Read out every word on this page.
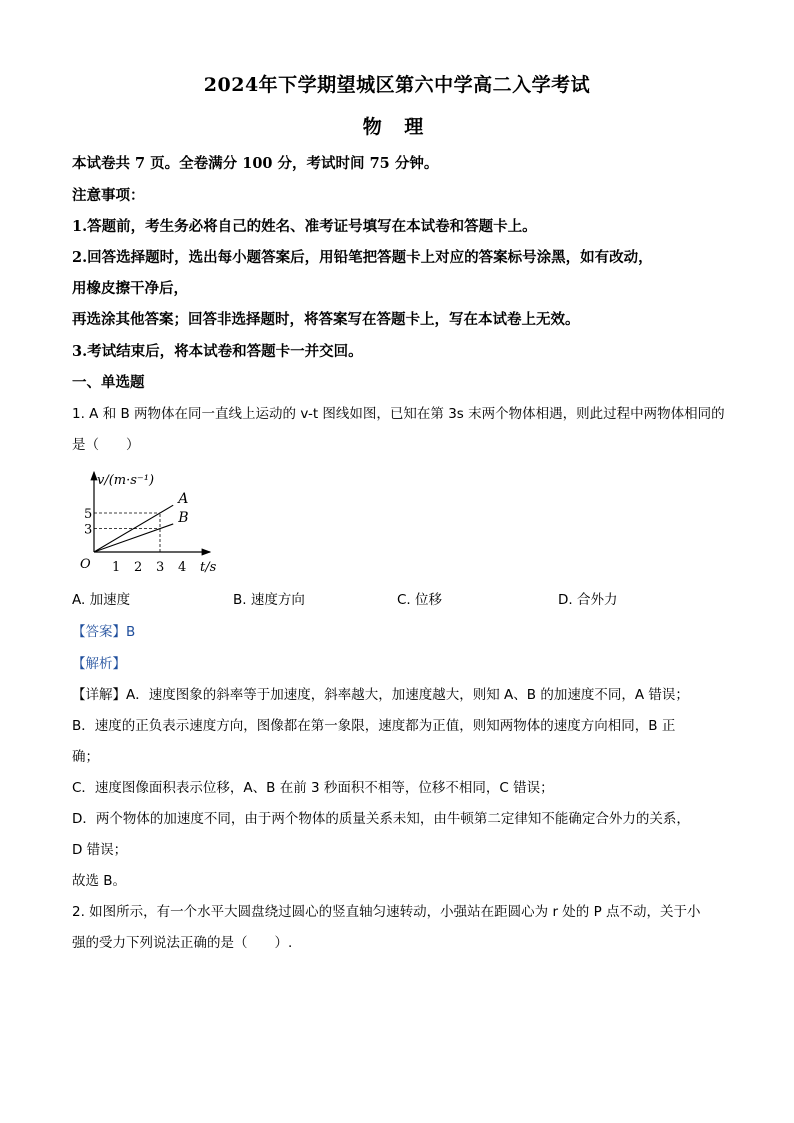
2024年下学期望城区第六中学高二入学考试
物 理
本试卷共 7 页。全卷满分 100 分，考试时间 75 分钟。
注意事项：
1.答题前，考生务必将自己的姓名、准考证号填写在本试卷和答题卡上。
2.回答选择题时，选出每小题答案后，用铅笔把答题卡上对应的答案标号涂黑，如有改动，
用橡皮擦干净后，
再选涂其他答案；回答非选择题时，将答案写在答题卡上，写在本试卷上无效。
3.考试结束后，将本试卷和答题卡一并交回。
一、单选题
1. A 和 B 两物体在同一直线上运动的 v-t 图线如图，已知在第 3s 末两个物体相遇，则此过程中两物体相同的
是（　　）
A
B
1 2 3 4
3
5
v/(m·s⁻¹)
t/s
O
A. 加速度	B. 速度方向	C. 位移	D. 合外力
【答案】B
【解析】
【详解】A．速度图象的斜率等于加速度，斜率越大，加速度越大，则知 A、B 的加速度不同，A 错误；
B．速度的正负表示速度方向，图像都在第一象限，速度都为正值，则知两物体的速度方向相同，B 正
确；
C．速度图像面积表示位移，A、B 在前 3 秒面积不相等，位移不相同，C 错误；
D．两个物体的加速度不同，由于两个物体的质量关系未知，由牛顿第二定律知不能确定合外力的关系，
D 错误；
故选 B。
2. 如图所示，有一个水平大圆盘绕过圆心的竖直轴匀速转动，小强站在距圆心为 r 处的 P 点不动，关于小
强的受力下列说法正确的是（　　）.
